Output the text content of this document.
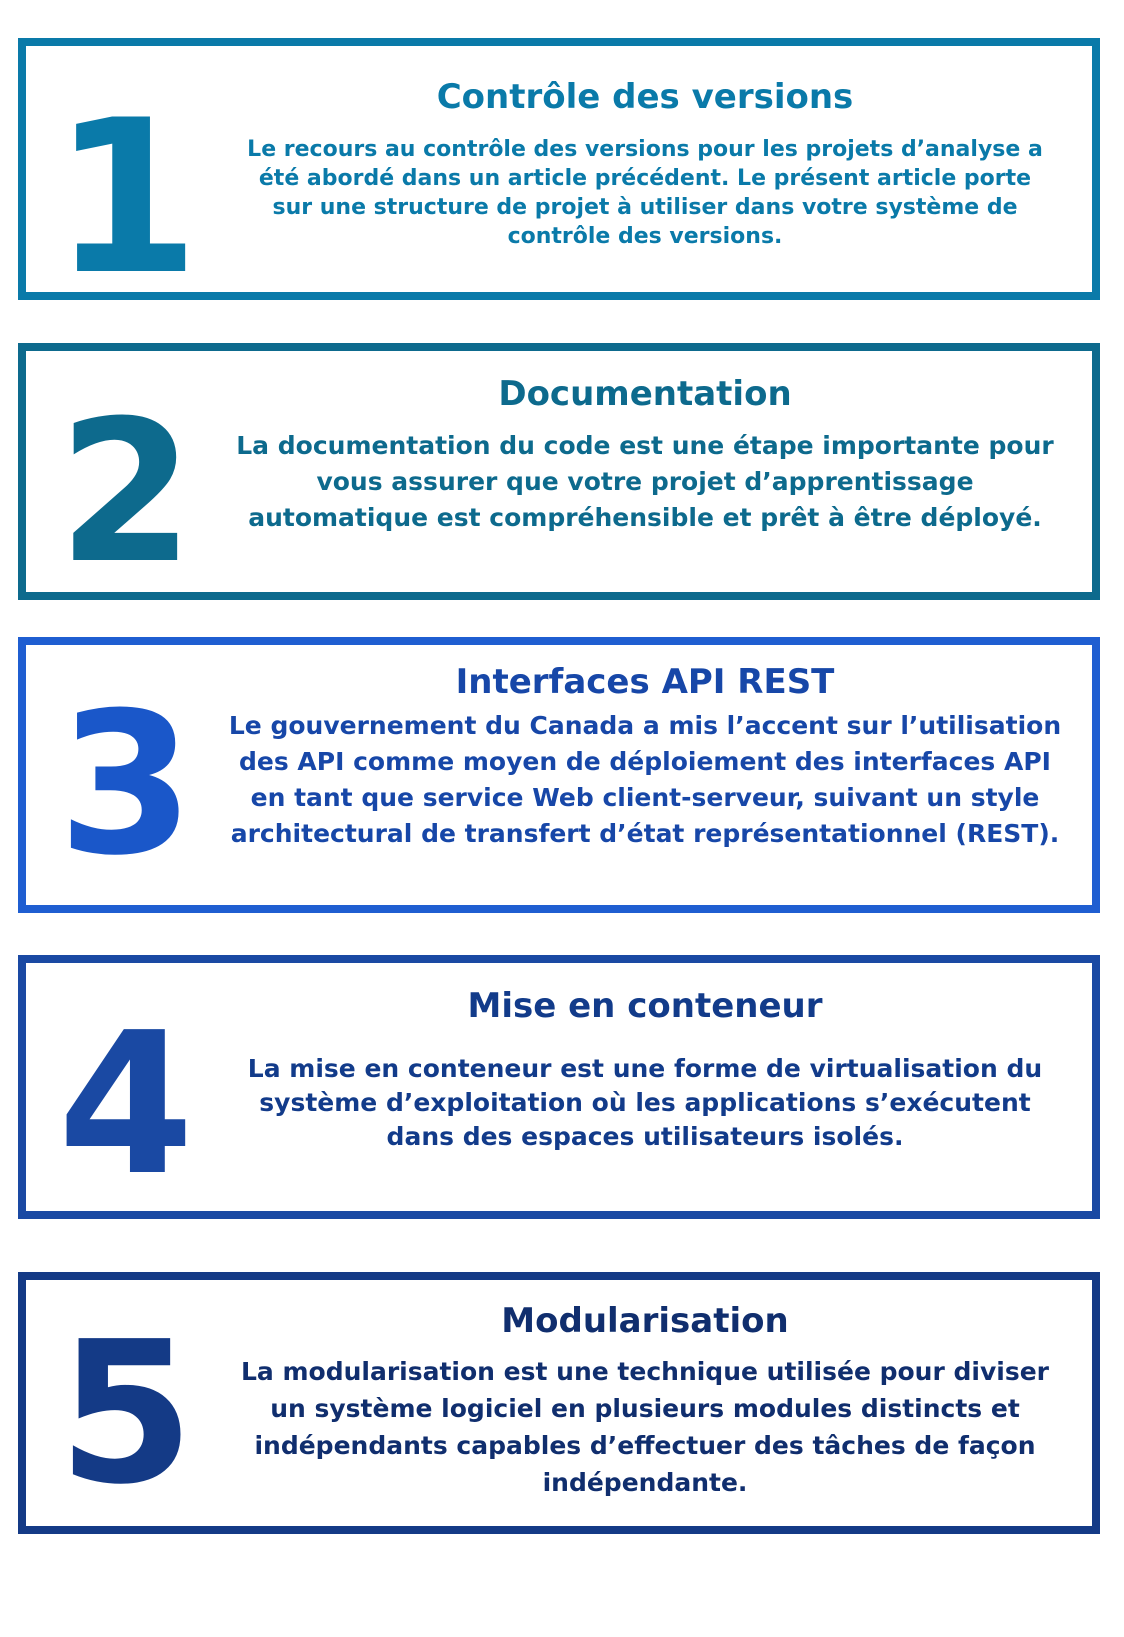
1	Contrôle des versions

Le recours au contrôle des versions pour les projets d’analyse a été abordé dans un article précédent. Le présent article porte sur une structure de projet à utiliser dans votre système de contrôle des versions.

2	Documentation

La documentation du code est une étape importante pour vous assurer que votre projet d’apprentissage automatique est compréhensible et prêt à être déployé.

3	Interfaces API REST

Le gouvernement du Canada a mis l’accent sur l’utilisation des API comme moyen de déploiement des interfaces API en tant que service Web client-serveur, suivant un style architectural de transfert d’état représentationnel (REST).

4	Mise en conteneur

La mise en conteneur est une forme de virtualisation du système d’exploitation où les applications s’exécutent dans des espaces utilisateurs isolés.

5	Modularisation

La modularisation est une technique utilisée pour diviser un système logiciel en plusieurs modules distincts et indépendants capables d’effectuer des tâches de façon indépendante.
